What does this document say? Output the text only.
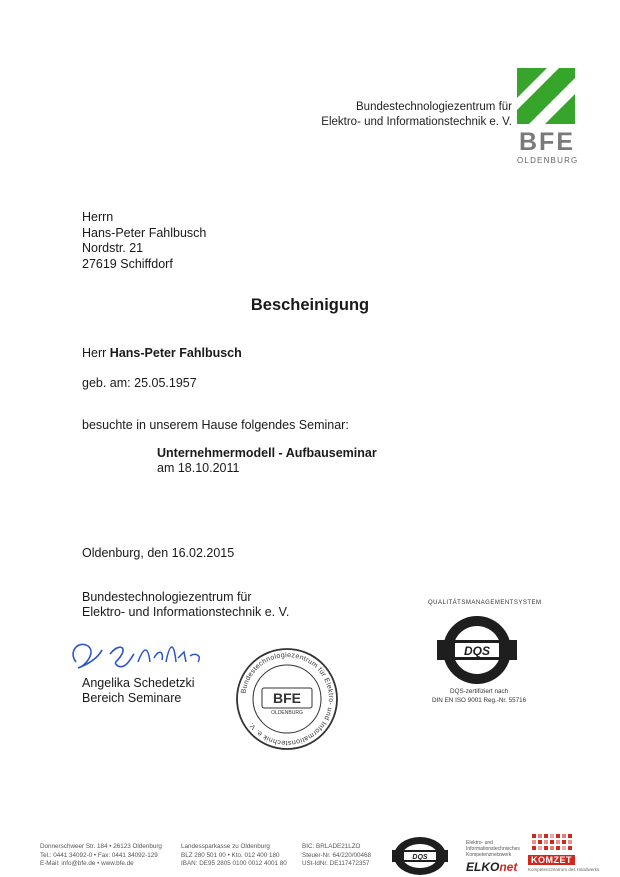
Bundestechnologiezentrum für
Elektro- und Informationstechnik e. V.
BFE
OLDENBURG
Herrn
Hans-Peter Fahlbusch
Nordstr. 21
27619 Schiffdorf
Bescheinigung
Herr Hans-Peter Fahlbusch
geb. am: 25.05.1957
besuchte in unserem Hause folgendes Seminar:
Unternehmermodell - Aufbauseminar
am 18.10.2011
Oldenburg, den 16.02.2015
Bundestechnologiezentrum für
Elektro- und Informationstechnik e. V.
Angelika Schedetzki
Bereich Seminare	BFE
OLDENBURG
Bundestechnologiezentrum für Elektro- und Informationstechnik e. V.
QUALITÄTSMANAGEMENTSYSTEM
DQS
DQS-zertifiziert nach
DIN EN ISO 9001 Reg.-Nr. 55716
Donnerschweer Str. 184 • 26123 Oldenburg
Tel.: 0441 34092-0 • Fax: 0441 34092-129
E-Mail: info@bfe.de • www.bfe.de
Landessparkasse zu Oldenburg
BLZ 280 501 00 • Kto. 012 400 180
IBAN: DE95 2805 0100 0012 4001 80
BIC: BRLADE21LZO
Steuer-Nr. 64/220/00468
USt-IdNr. DE117472357
DQS
Elektro- und Informationstechnisches Kompetenznetzwerk
ELKOnet	KOMZET
Kompetenzzentrum des Handwerks
